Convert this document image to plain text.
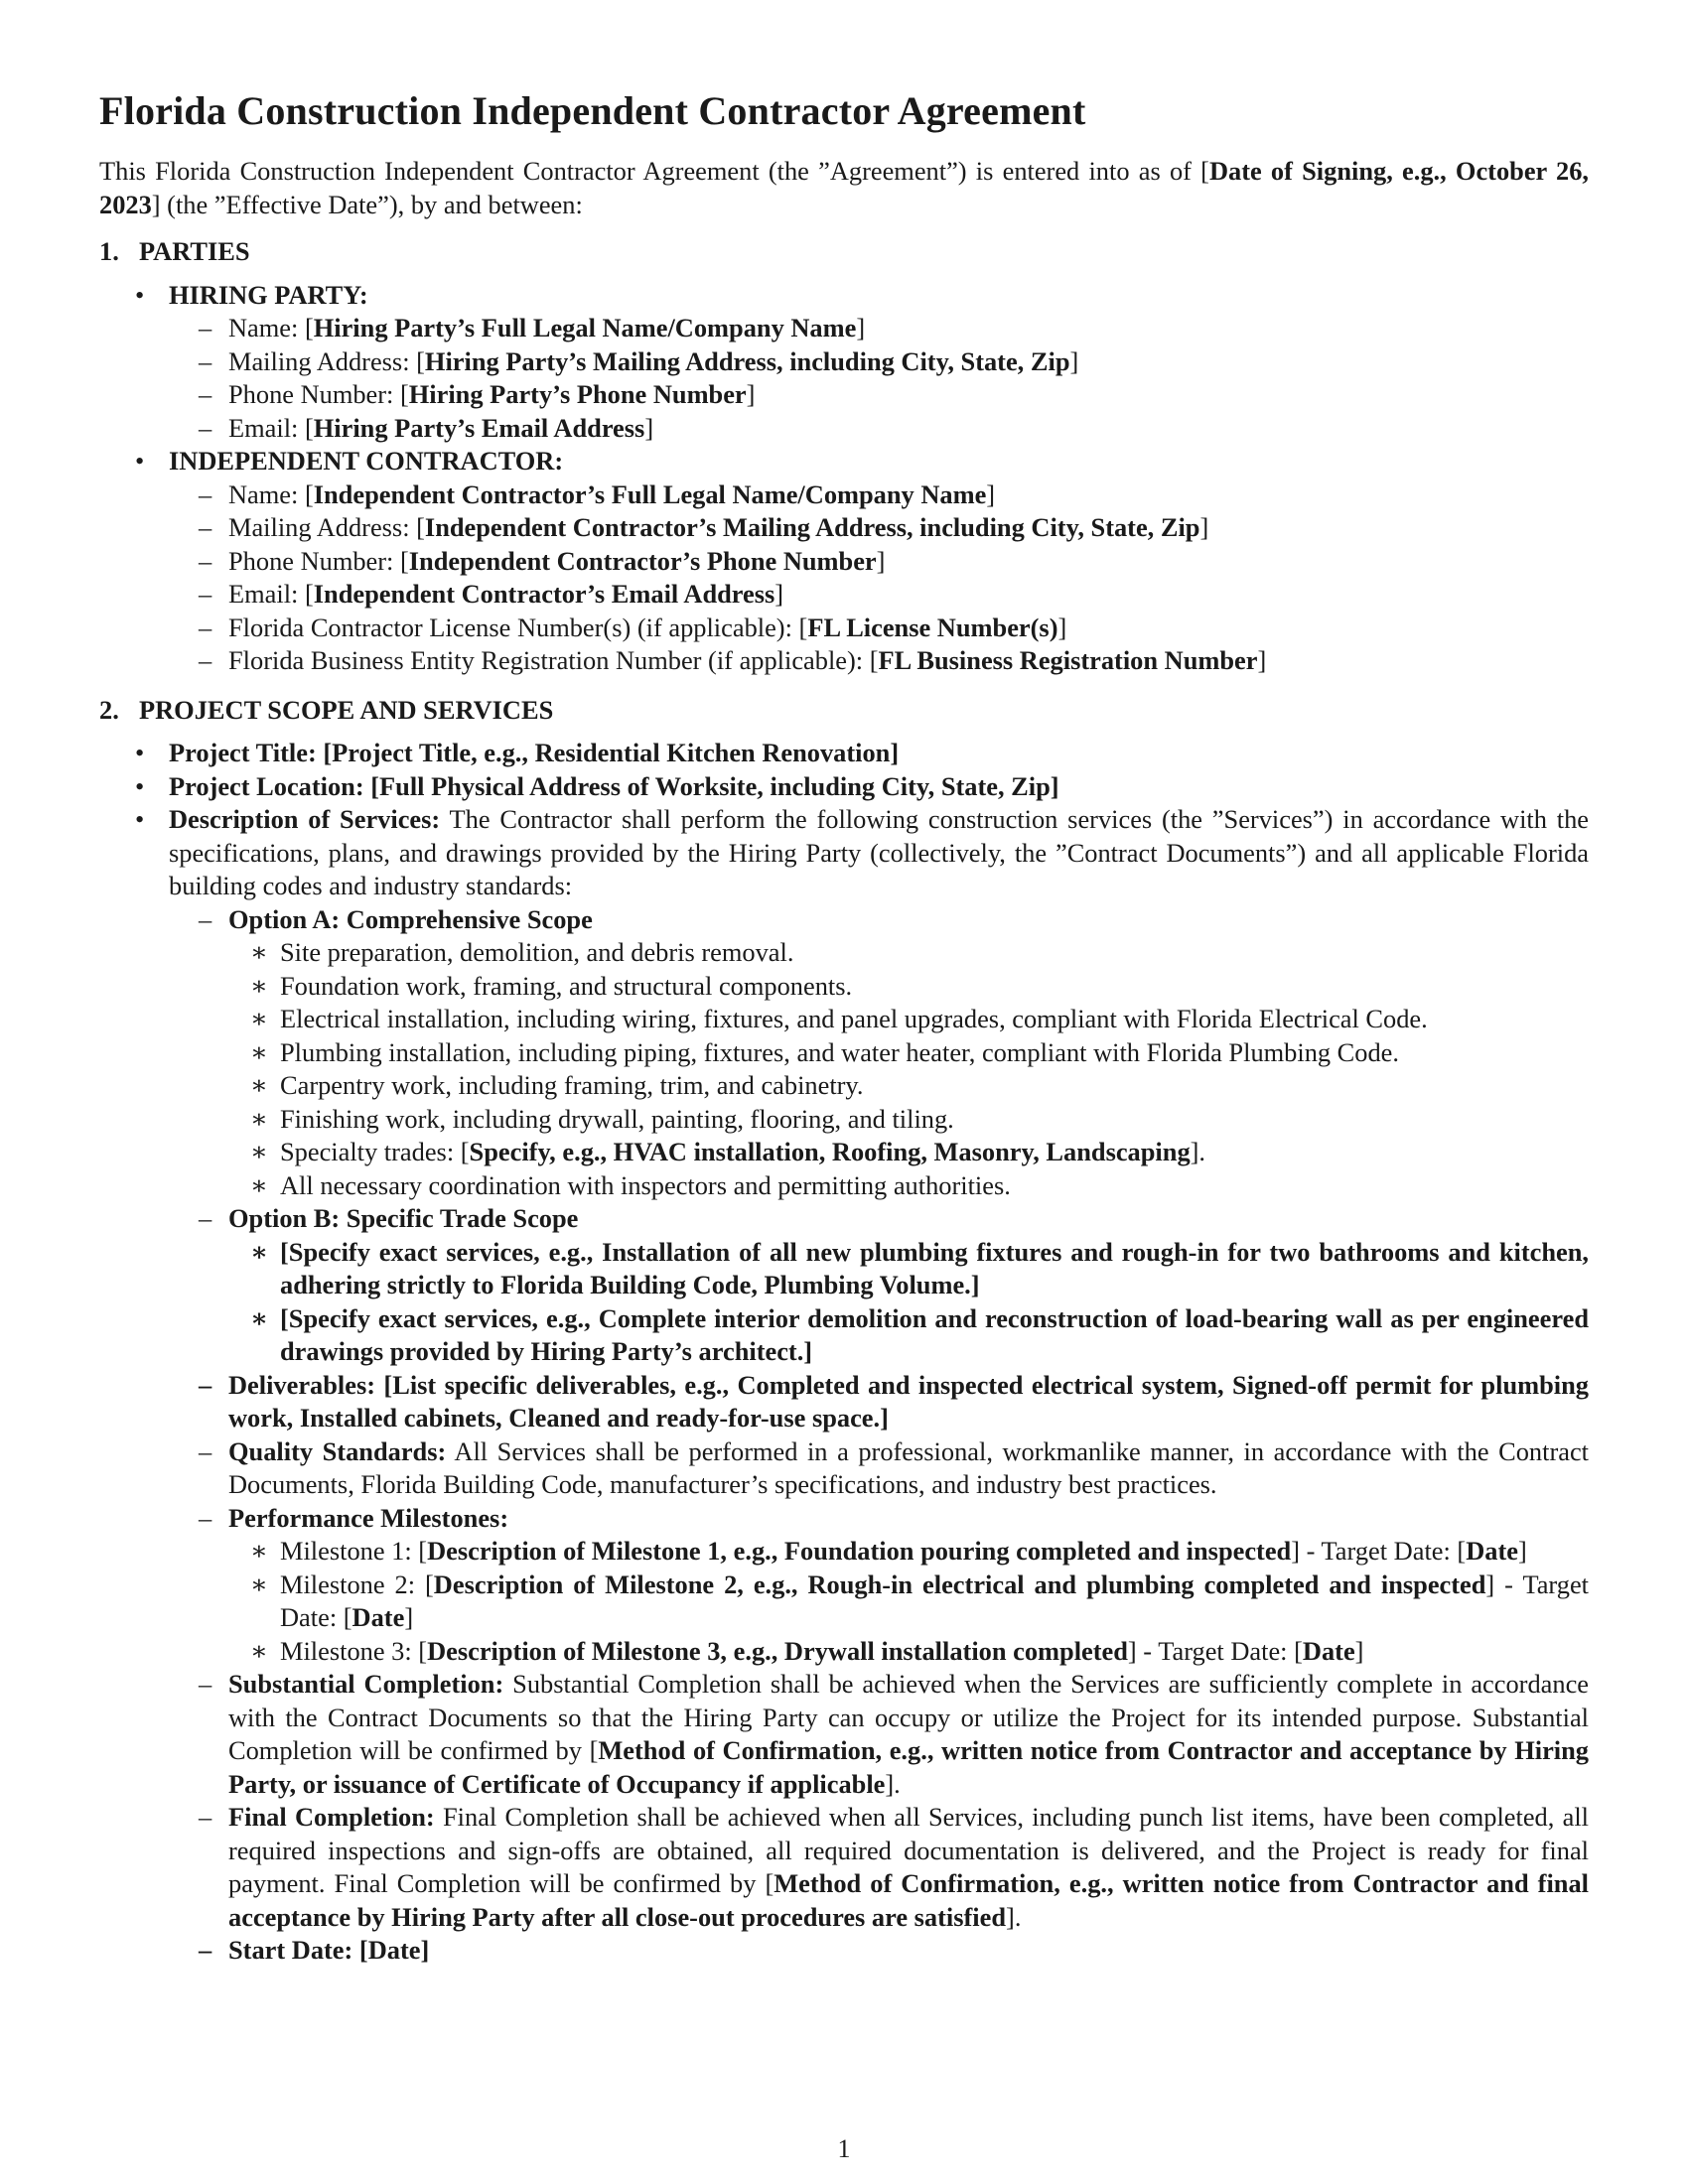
Florida Construction Independent Contractor Agreement

This Florida Construction Independent Contractor Agreement (the ”Agreement”) is entered into as of [Date of Signing, e.g., October 26, 2023] (the ”Effective Date”), by and between:

1. PARTIES
• HIRING PARTY:
– Name: [Hiring Party’s Full Legal Name/Company Name]
– Mailing Address: [Hiring Party’s Mailing Address, including City, State, Zip]
– Phone Number: [Hiring Party’s Phone Number]
– Email: [Hiring Party’s Email Address]
• INDEPENDENT CONTRACTOR:
– Name: [Independent Contractor’s Full Legal Name/Company Name]
– Mailing Address: [Independent Contractor’s Mailing Address, including City, State, Zip]
– Phone Number: [Independent Contractor’s Phone Number]
– Email: [Independent Contractor’s Email Address]
– Florida Contractor License Number(s) (if applicable): [FL License Number(s)]
– Florida Business Entity Registration Number (if applicable): [FL Business Registration Number]
2. PROJECT SCOPE AND SERVICES
• Project Title: [Project Title, e.g., Residential Kitchen Renovation]
• Project Location: [Full Physical Address of Worksite, including City, State, Zip]
• Description of Services: The Contractor shall perform the following construction services (the ”Services”) in accordance with the specifications, plans, and drawings provided by the Hiring Party (collectively, the ”Contract Documents”) and all applicable Florida building codes and industry standards:
– Option A: Comprehensive Scope
∗ Site preparation, demolition, and debris removal.
∗ Foundation work, framing, and structural components.
∗ Electrical installation, including wiring, fixtures, and panel upgrades, compliant with Florida Electrical Code.
∗ Plumbing installation, including piping, fixtures, and water heater, compliant with Florida Plumbing Code.
∗ Carpentry work, including framing, trim, and cabinetry.
∗ Finishing work, including drywall, painting, flooring, and tiling.
∗ Specialty trades: [Specify, e.g., HVAC installation, Roofing, Masonry, Landscaping].
∗ All necessary coordination with inspectors and permitting authorities.
– Option B: Specific Trade Scope
∗ [Specify exact services, e.g., Installation of all new plumbing fixtures and rough-in for two bathrooms and kitchen, adhering strictly to Florida Building Code, Plumbing Volume.]
∗ [Specify exact services, e.g., Complete interior demolition and reconstruction of load-bearing wall as per engineered drawings provided by Hiring Party’s architect.]
– Deliverables: [List specific deliverables, e.g., Completed and inspected electrical system, Signed-off permit for plumbing work, Installed cabinets, Cleaned and ready-for-use space.]
– Quality Standards: All Services shall be performed in a professional, workmanlike manner, in accordance with the Contract Documents, Florida Building Code, manufacturer’s specifications, and industry best practices.
– Performance Milestones:
∗ Milestone 1: [Description of Milestone 1, e.g., Foundation pouring completed and inspected] - Target Date: [Date]
∗ Milestone 2: [Description of Milestone 2, e.g., Rough-in electrical and plumbing completed and inspected] - Target Date: [Date]
∗ Milestone 3: [Description of Milestone 3, e.g., Drywall installation completed] - Target Date: [Date]
– Substantial Completion: Substantial Completion shall be achieved when the Services are sufficiently complete in accordance with the Contract Documents so that the Hiring Party can occupy or utilize the Project for its intended purpose. Substantial Completion will be confirmed by [Method of Confirmation, e.g., written notice from Contractor and acceptance by Hiring Party, or issuance of Certificate of Occupancy if applicable].
– Final Completion: Final Completion shall be achieved when all Services, including punch list items, have been completed, all required inspections and sign-offs are obtained, all required documentation is delivered, and the Project is ready for final payment. Final Completion will be confirmed by [Method of Confirmation, e.g., written notice from Contractor and final acceptance by Hiring Party after all close-out procedures are satisfied].
– Start Date: [Date]
1
